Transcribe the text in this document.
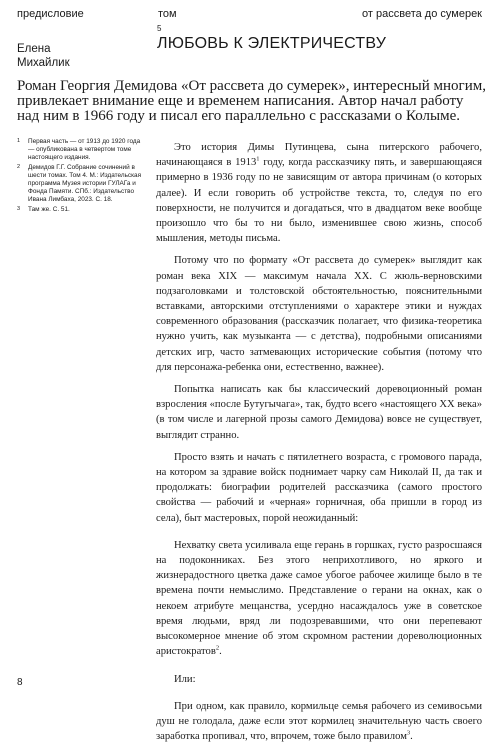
предисловие	том	от рассвета до сумерек
5
Елена
Михайлик
ЛЮБОВЬ К ЭЛЕКТРИЧЕСТВУ
Роман Георгия Демидова «От рассвета до сумерек», интересный многим, привлекает внимание еще и временем написания. Автор начал работу над ним в 1966 году и писал его параллельно с рассказами о Колыме.
1	Первая часть — от 1913 до 1920 года — опубликована в четвертом томе настоящего издания.
2	Демидов Г.Г. Собрание сочинений в шести томах. Том 4. М.: Издательская программа Музея истории ГУЛАГа и Фонда Памяти. СПб.: Издательство Ивана Лимбаха, 2023. С. 18.
3	Там же. С. 51.

Это история Димы Путинцева, сына питерского рабочего, начинающаяся в 1913$^1$ году, когда рассказчику пять, и завершающаяся примерно в 1936 году по не зависящим от автора причинам (о которых далее). И если говорить об устройстве текста, то, следуя по его поверхности, не получится и догадаться, что в двадцатом веке вообще произошло что бы то ни было, изменившее свою жизнь, способ мышления, методы письма.

Потому что по формату «От рассвета до сумерек» выглядит как роман века XIX — максимум начала XX. С жюль-верновскими подзаголовками и толстовской обстоятельностью, пояснительными вставками, авторскими отступлениями о характере этики и нуждах современного образования (рассказчик полагает, что физика-теоретика нужно учить, как музыканта — с детства), подробными описаниями детских игр, часто затмевающих исторические события (потому что для персонажа-ребенка они, естественно, важнее).

Попытка написать как бы классический доревоционный роман взросления «после Бутугычага», так, будто всего «настоящего XX века» (в том числе и лагерной прозы самого Демидова) вовсе не существует, выглядит странно.

Просто взять и начать с пятилетнего возраста, с громового парада, на котором за здравие войск поднимает чарку сам Николай II, да так и продолжать: биографии родителей рассказчика (самого простого свойства — рабочий и «черная» горничная, оба пришли в город из села), быт мастеровых, порой неожиданный:

Нехватку света усиливала еще герань в горшках, густо разросшаяся на подоконниках. Без этого неприхотливого, но яркого и жизнерадостного цветка даже самое убогое рабочее жилище было в те времена почти немыслимо. Представление о герани на окнах, как о некоем атрибуте мещанства, усердно насаждалось уже в советское время людьми, вряд ли подозревавшими, что они перепевают высокомерное мнение об этом скромном растении дореволюционных аристократов$^2$.

Или:

При одном, как правило, кормильце семья рабочего из семивосьми душ не голодала, даже если этот кормилец значительную часть своего заработка пропивал, что, впрочем, тоже было правилом$^3$.

8
